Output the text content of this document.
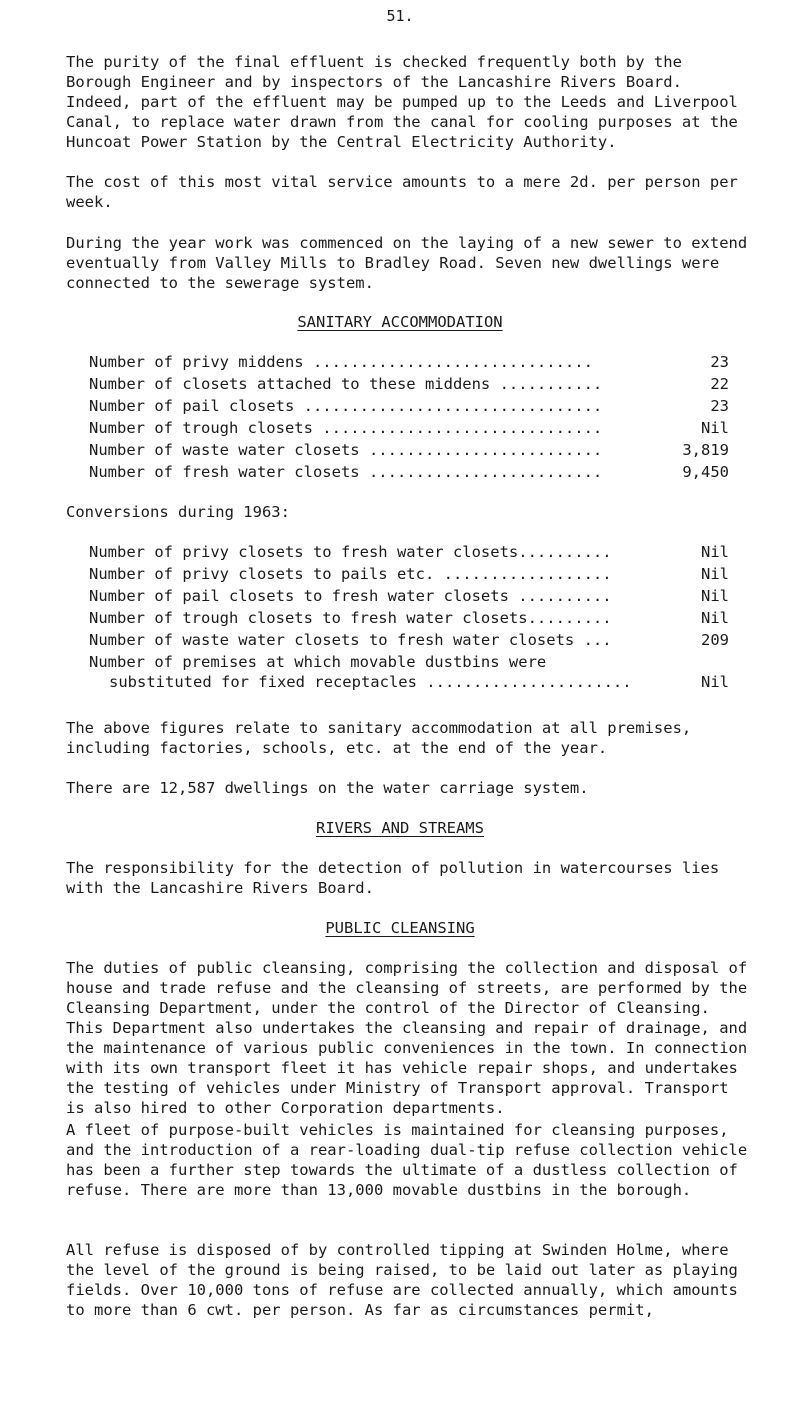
51.

The purity of the final effluent is checked frequently both by the Borough Engineer and by inspectors of the Lancashire Rivers Board. Indeed, part of the effluent may be pumped up to the Leeds and Liverpool Canal, to replace water drawn from the canal for cooling purposes at the Huncoat Power Station by the Central Electricity Authority.

The cost of this most vital service amounts to a mere 2d. per person per week.

During the year work was commenced on the laying of a new sewer to extend eventually from Valley Mills to Bradley Road. Seven new dwellings were connected to the sewerage system.

SANITARY ACCOMMODATION
Number of privy middens ..............................	23
Number of closets attached to these middens ...........	22
Number of pail closets ................................	23
Number of trough closets ..............................	Nil
Number of waste water closets .........................	3,819
Number of fresh water closets .........................	9,450

Conversions during 1963:

Number of privy closets to fresh water closets..........	Nil
Number of privy closets to pails etc. ..................	Nil
Number of pail closets to fresh water closets ..........	Nil
Number of trough closets to fresh water closets.........	Nil
Number of waste water closets to fresh water closets ...	209
Number of premises at which movable dustbins were
substituted for fixed receptacles ......................	Nil

The above figures relate to sanitary accommodation at all premises, including factories, schools, etc. at the end of the year.

There are 12,587 dwellings on the water carriage system.

RIVERS AND STREAMS

The responsibility for the detection of pollution in watercourses lies with the Lancashire Rivers Board.

PUBLIC CLEANSING

The duties of public cleansing, comprising the collection and disposal of house and trade refuse and the cleansing of streets, are performed by the Cleansing Department, under the control of the Director of Cleansing. This Department also undertakes the cleansing and repair of drainage, and the maintenance of various public conveniences in the town. In connection with its own transport fleet it has vehicle repair shops, and undertakes the testing of vehicles under Ministry of Transport approval. Transport is also hired to other Corporation departments.

A fleet of purpose-built vehicles is maintained for cleansing purposes, and the introduction of a rear-loading dual-tip refuse collection vehicle has been a further step towards the ultimate of a dustless collection of refuse. There are more than 13,000 movable dustbins in the borough.

All refuse is disposed of by controlled tipping at Swinden Holme, where the level of the ground is being raised, to be laid out later as playing fields. Over 10,000 tons of refuse are collected annually, which amounts to more than 6 cwt. per person. As far as circumstances permit,
